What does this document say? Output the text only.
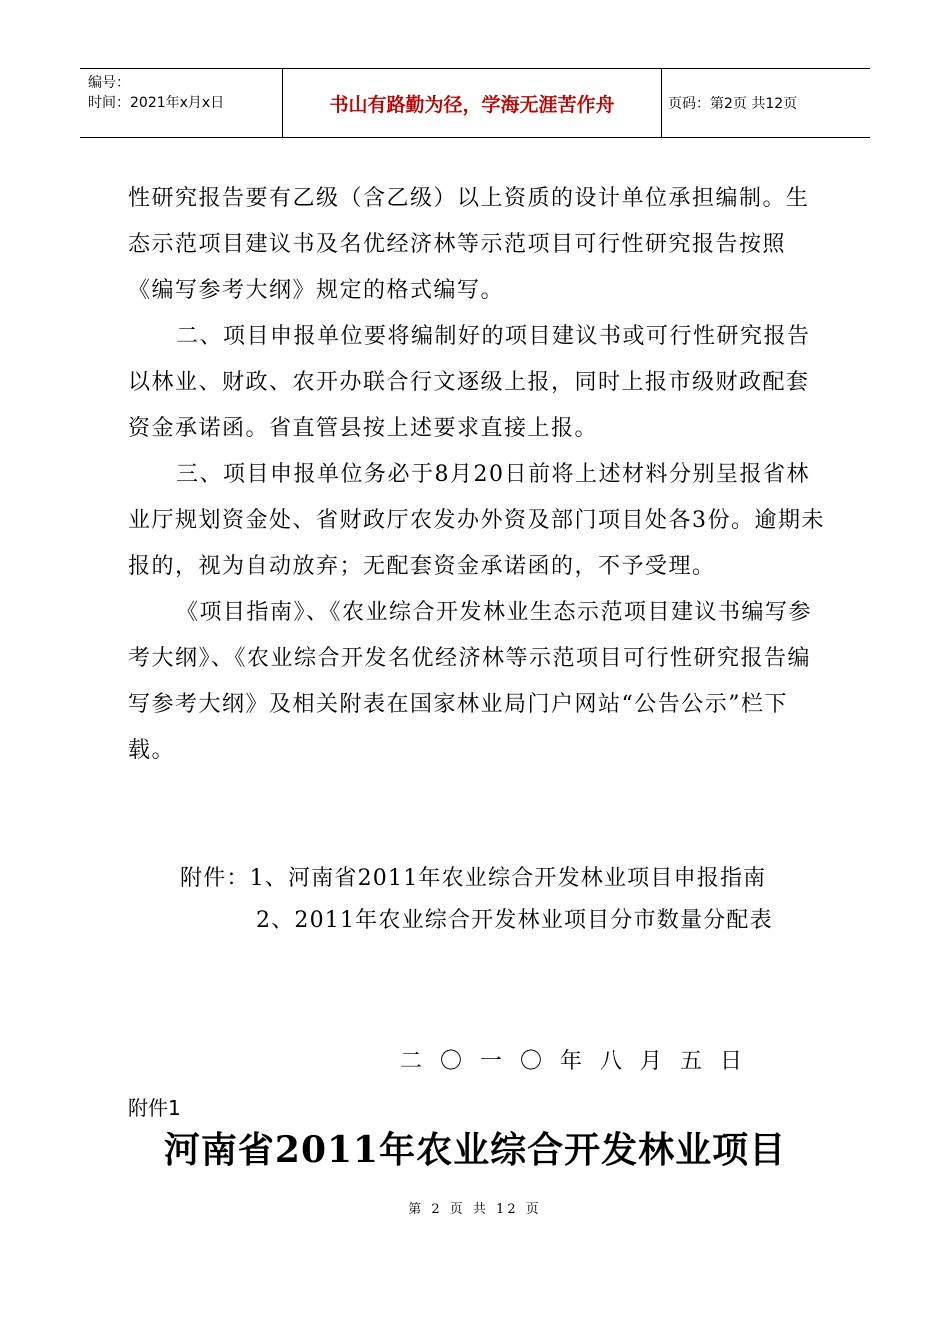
编号：
时间：2021年x月x日	书山有路勤为径，学海无涯苦作舟	页码：第2页 共12页

性研究报告要有乙级（含乙级）以上资质的设计单位承担编制。生态示范项目建议书及名优经济林等示范项目可行性研究报告按照《编写参考大纲》规定的格式编写。

二、项目申报单位要将编制好的项目建议书或可行性研究报告以林业、财政、农开办联合行文逐级上报，同时上报市级财政配套资金承诺函。省直管县按上述要求直接上报。

三、项目申报单位务必于8月20日前将上述材料分别呈报省林业厅规划资金处、省财政厅农发办外资及部门项目处各3份。逾期未报的，视为自动放弃；无配套资金承诺函的，不予受理。

《项目指南》、《农业综合开发林业生态示范项目建议书编写参考大纲》、《农业综合开发名优经济林等示范项目可行性研究报告编写参考大纲》及相关附表在国家林业局门户网站“公告公示”栏下载。

附件：1、河南省2011年农业综合开发林业项目申报指南

2、2011年农业综合开发林业项目分市数量分配表

二〇一〇年八月五日
附件1
河南省2011年农业综合开发林业项目
第 2 页 共 12 页
